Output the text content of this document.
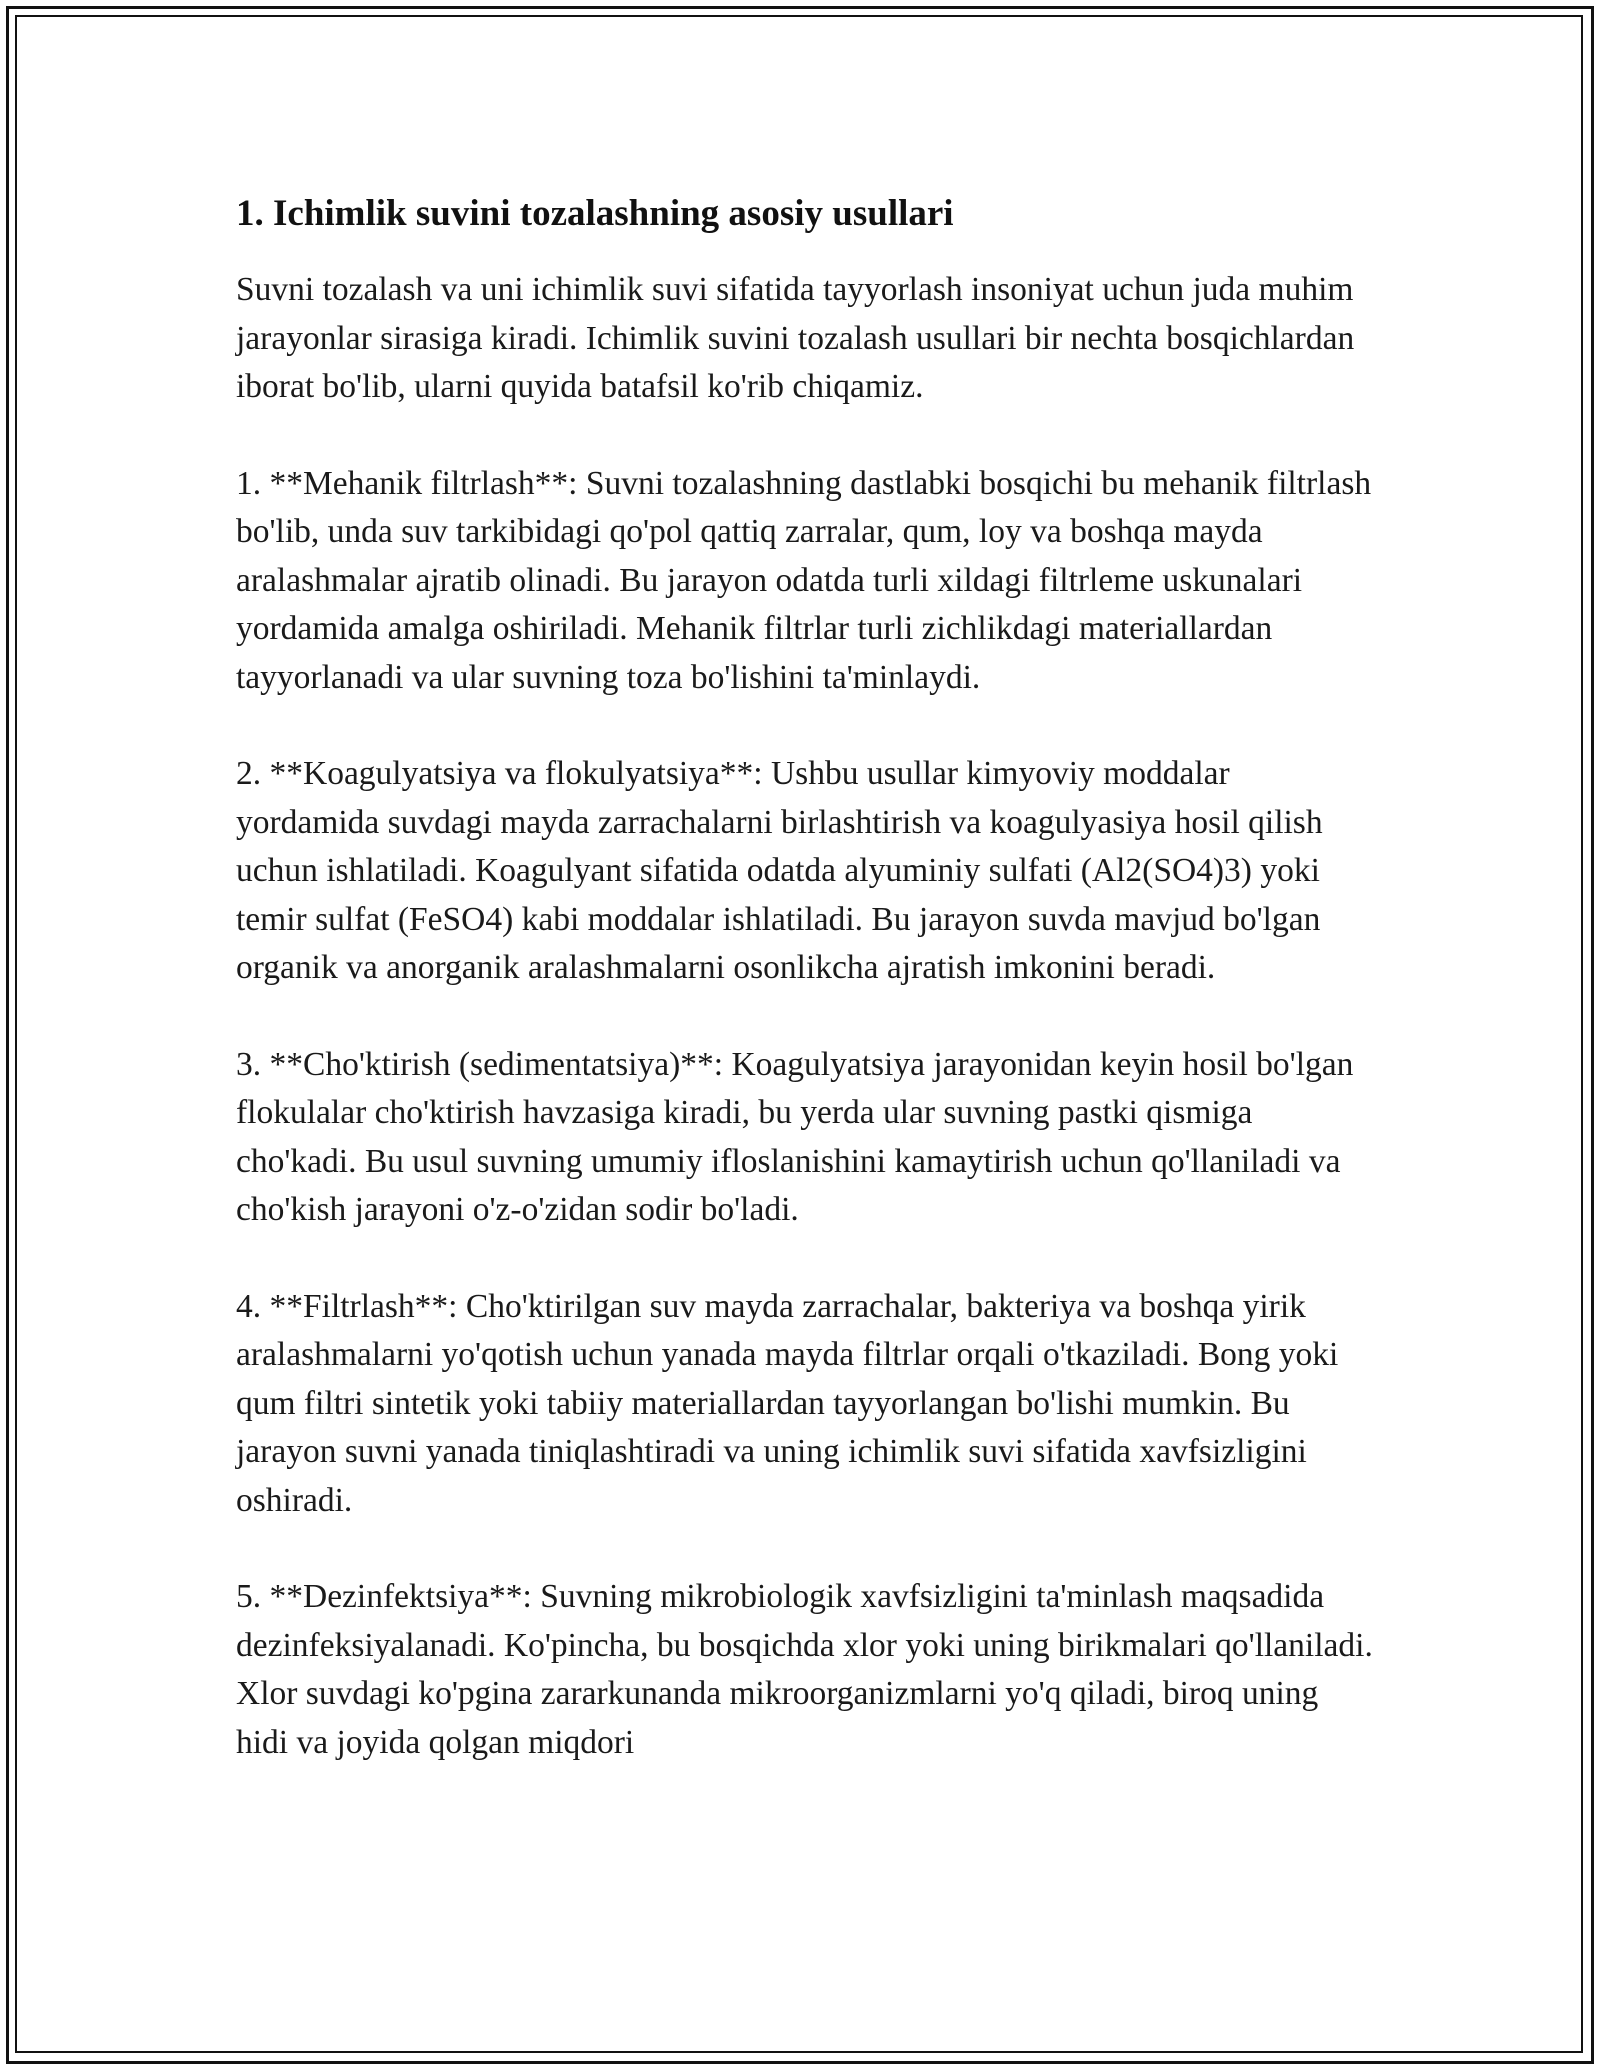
1. Ichimlik suvini tozalashning asosiy usullari

Suvni tozalash va uni ichimlik suvi sifatida tayyorlash insoniyat uchun juda muhim jarayonlar sirasiga kiradi. Ichimlik suvini tozalash usullari bir nechta bosqichlardan iborat bo'lib, ularni quyida batafsil ko'rib chiqamiz.

1. **Mehanik filtrlash**: Suvni tozalashning dastlabki bosqichi bu mehanik filtrlash bo'lib, unda suv tarkibidagi qo'pol qattiq zarralar, qum, loy va boshqa mayda aralashmalar ajratib olinadi. Bu jarayon odatda turli xildagi filtrleme uskunalari yordamida amalga oshiriladi. Mehanik filtrlar turli zichlikdagi materiallardan tayyorlanadi va ular suvning toza bo'lishini ta'minlaydi.

2. **Koagulyatsiya va flokulyatsiya**: Ushbu usullar kimyoviy moddalar yordamida suvdagi mayda zarrachalarni birlashtirish va koagulyasiya hosil qilish uchun ishlatiladi. Koagulyant sifatida odatda alyuminiy sulfati (Al2(SO4)3) yoki temir sulfat (FeSO4) kabi moddalar ishlatiladi. Bu jarayon suvda mavjud bo'lgan organik va anorganik aralashmalarni osonlikcha ajratish imkonini beradi.

3. **Cho'ktirish (sedimentatsiya)**: Koagulyatsiya jarayonidan keyin hosil bo'lgan flokulalar cho'ktirish havzasiga kiradi, bu yerda ular suvning pastki qismiga cho'kadi. Bu usul suvning umumiy ifloslanishini kamaytirish uchun qo'llaniladi va cho'kish jarayoni o'z-o'zidan sodir bo'ladi.

4. **Filtrlash**: Cho'ktirilgan suv mayda zarrachalar, bakteriya va boshqa yirik aralashmalarni yo'qotish uchun yanada mayda filtrlar orqali o'tkaziladi. Bong yoki qum filtri sintetik yoki tabiiy materiallardan tayyorlangan bo'lishi mumkin. Bu jarayon suvni yanada tiniqlashtiradi va uning ichimlik suvi sifatida xavfsizligini oshiradi.

5. **Dezinfektsiya**: Suvning mikrobiologik xavfsizligini ta'minlash maqsadida dezinfeksiyalanadi. Ko'pincha, bu bosqichda xlor yoki uning birikmalari qo'llaniladi. Xlor suvdagi ko'pgina zararkunanda mikroorganizmlarni yo'q qiladi, biroq uning hidi va joyida qolgan miqdori
